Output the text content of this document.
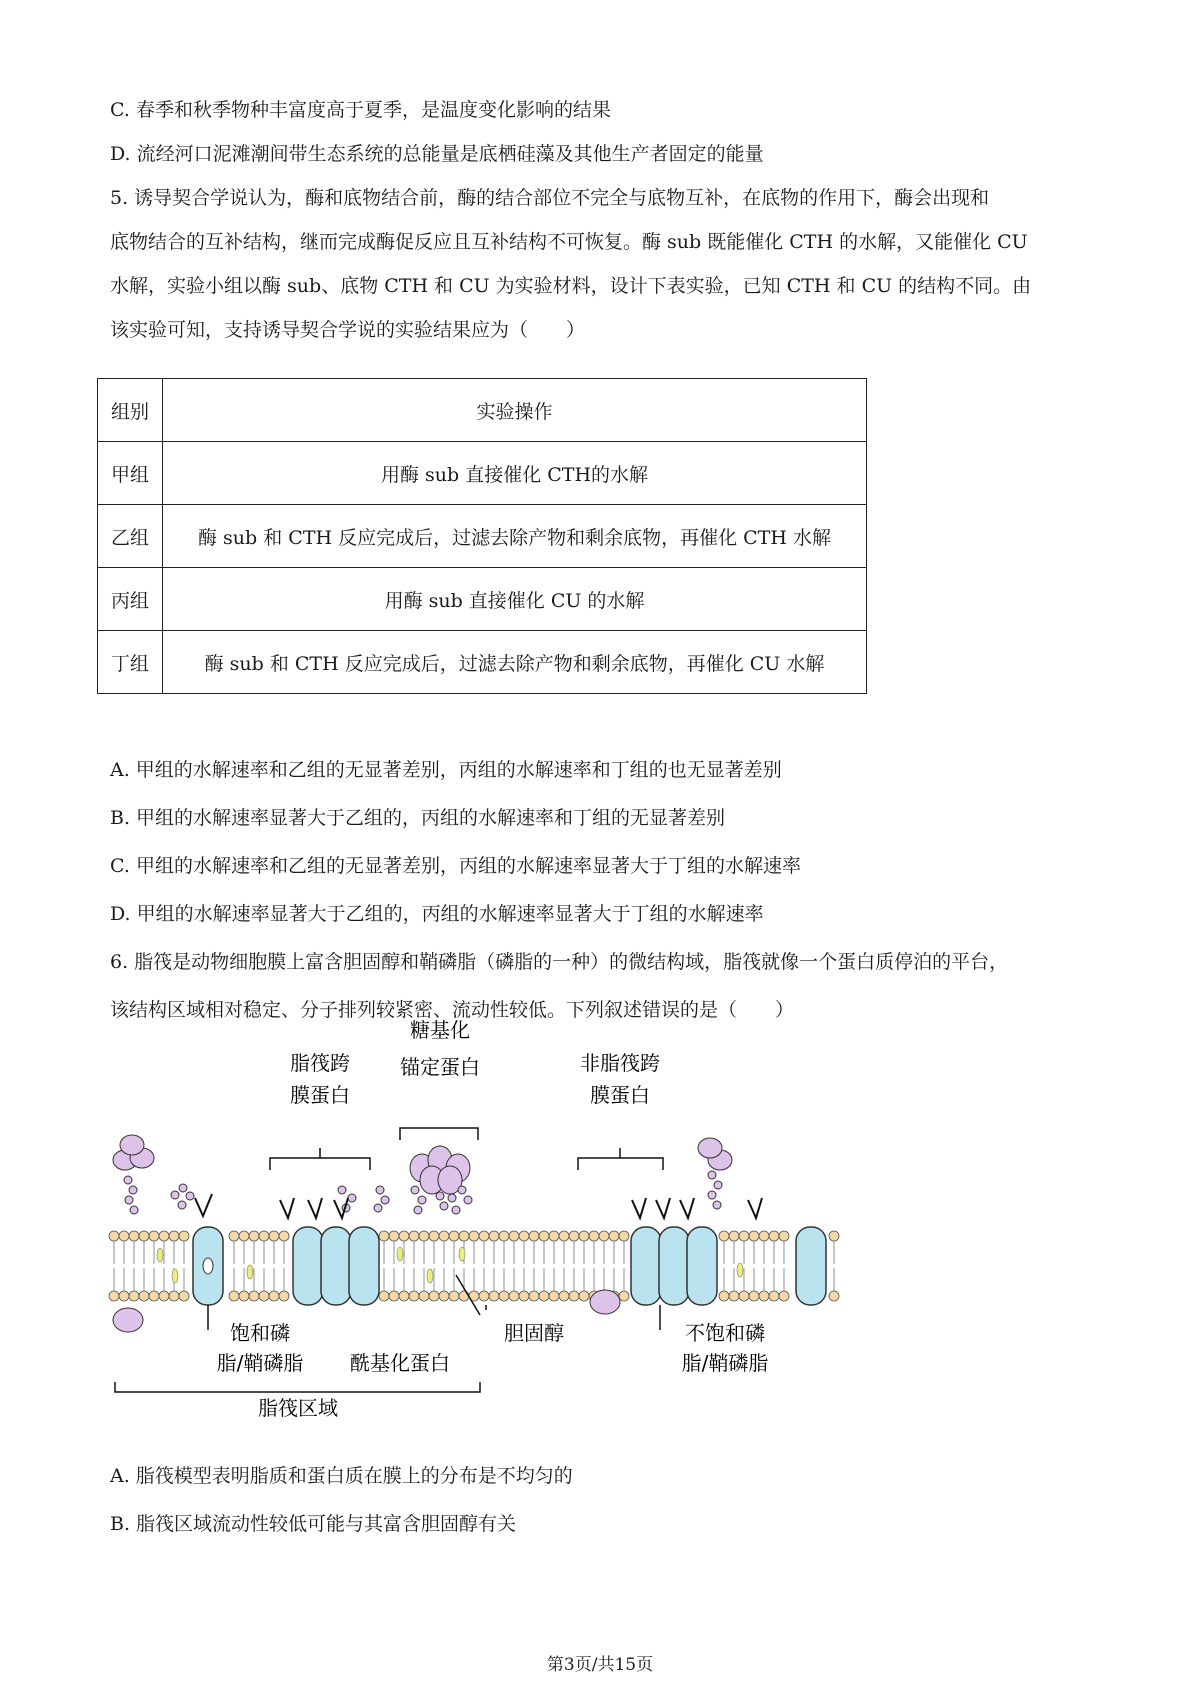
C. 春季和秋季物种丰富度高于夏季，是温度变化影响的结果
D. 流经河口泥滩潮间带生态系统的总能量是底栖硅藻及其他生产者固定的能量
5. 诱导契合学说认为，酶和底物结合前，酶的结合部位不完全与底物互补，在底物的作用下，酶会出现和
底物结合的互补结构，继而完成酶促反应且互补结构不可恢复。酶 sub 既能催化 CTH 的水解，又能催化 CU
水解，实验小组以酶 sub、底物 CTH 和 CU 为实验材料，设计下表实验，已知 CTH 和 CU 的结构不同。由
该实验可知，支持诱导契合学说的实验结果应为（　　）
组别	实验操作
甲组	用酶 sub 直接催化 CTH的水解
乙组	酶 sub 和 CTH 反应完成后，过滤去除产物和剩余底物，再催化 CTH 水解
丙组	用酶 sub 直接催化 CU 的水解
丁组	酶 sub 和 CTH 反应完成后，过滤去除产物和剩余底物，再催化 CU 水解
A. 甲组的水解速率和乙组的无显著差别，丙组的水解速率和丁组的也无显著差别
B. 甲组的水解速率显著大于乙组的，丙组的水解速率和丁组的无显著差别
C. 甲组的水解速率和乙组的无显著差别，丙组的水解速率显著大于丁组的水解速率
D. 甲组的水解速率显著大于乙组的，丙组的水解速率显著大于丁组的水解速率
6. 脂筏是动物细胞膜上富含胆固醇和鞘磷脂（磷脂的一种）的微结构域，脂筏就像一个蛋白质停泊的平台，
该结构区域相对稳定、分子排列较紧密、流动性较低。下列叙述错误的是（　　）
糖基化
锚定蛋白
脂筏跨
膜蛋白
非脂筏跨
膜蛋白
饱和磷
脂/鞘磷脂 酰基化蛋白
胆固醇	不饱和磷
脂/鞘磷脂
脂筏区域
A. 脂筏模型表明脂质和蛋白质在膜上的分布是不均匀的
B. 脂筏区域流动性较低可能与其富含胆固醇有关
第3页/共15页
